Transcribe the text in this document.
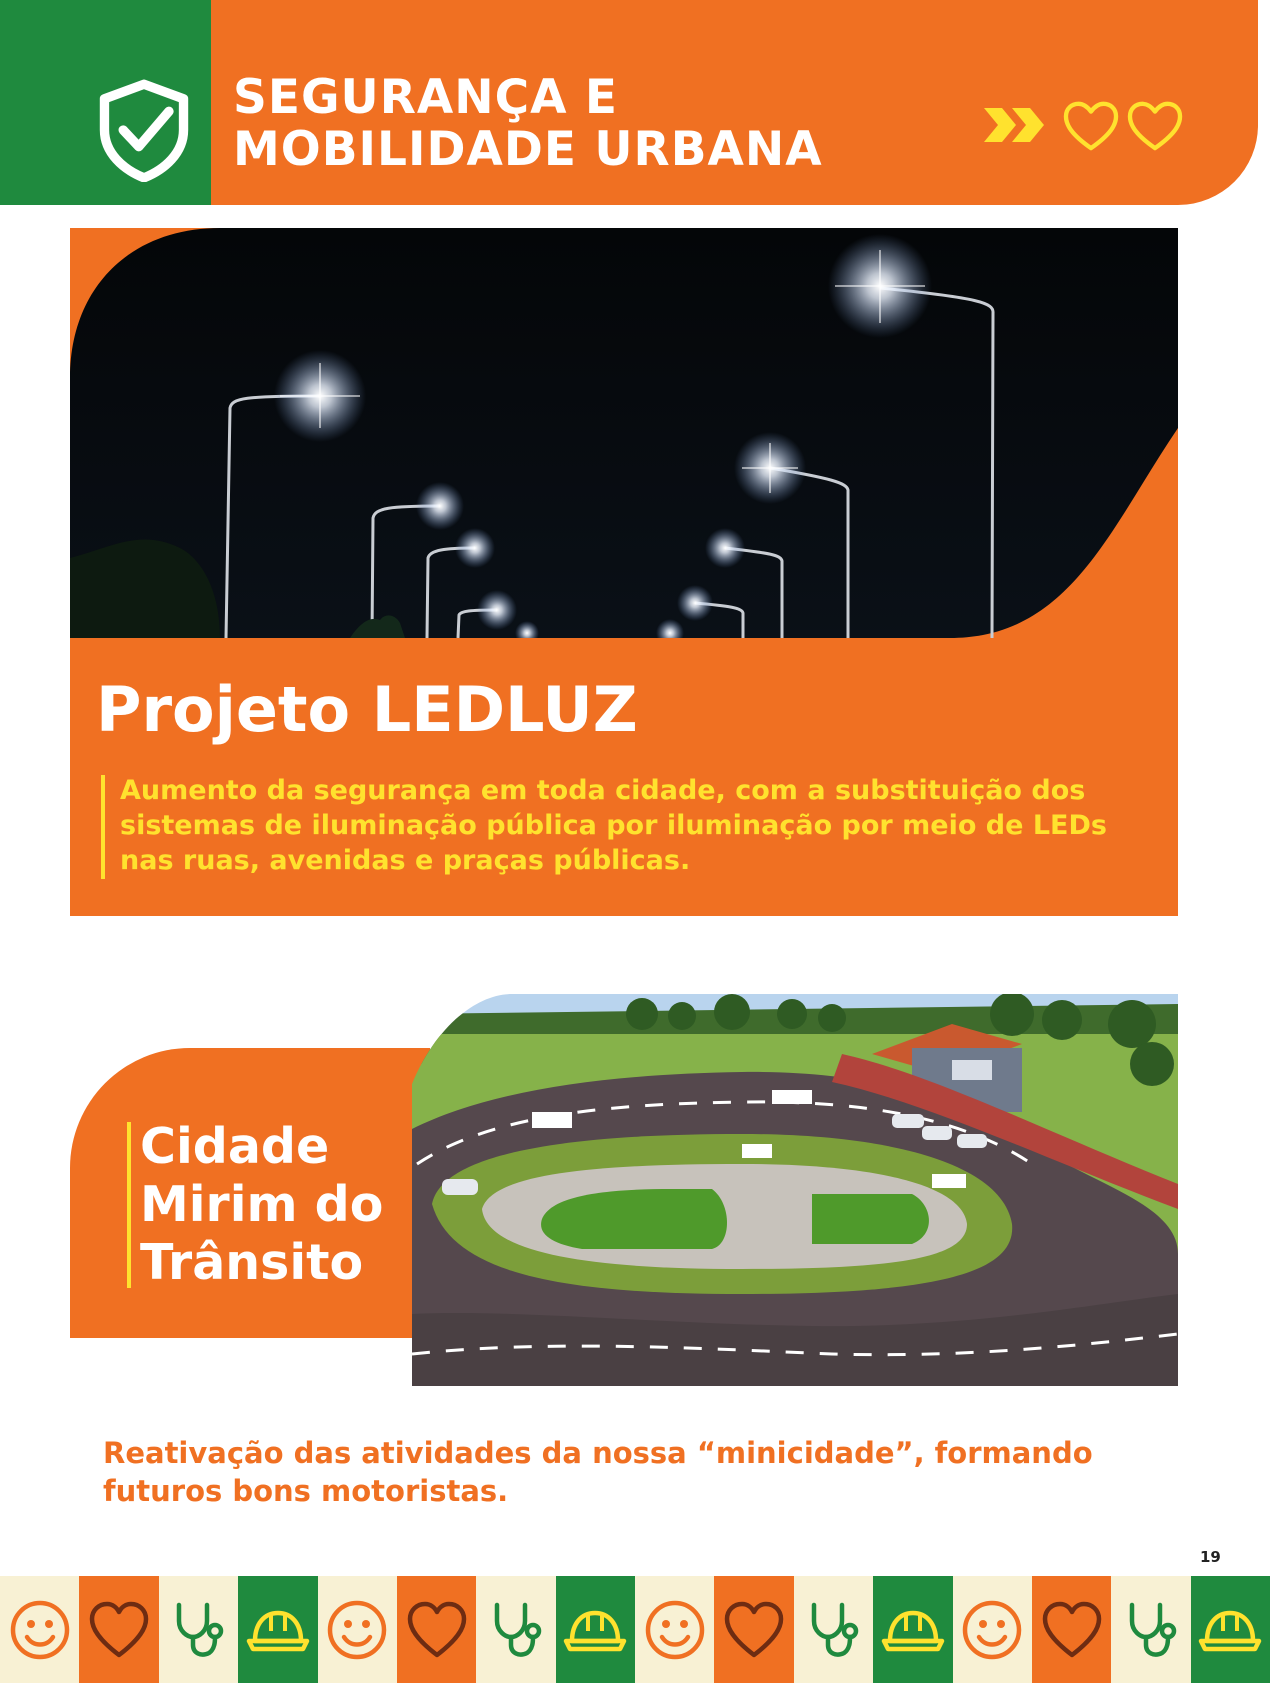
SEGURANÇA E
MOBILIDADE URBANA
Projeto LEDLUZ

Aumento da segurança em toda cidade, com a substituição dos sistemas de iluminação pública por iluminação por meio de LEDs nas ruas, avenidas e praças públicas.

Cidade
Mirim do
Trânsito

Reativação das atividades da nossa “minicidade”, formando futuros bons motoristas.

19
